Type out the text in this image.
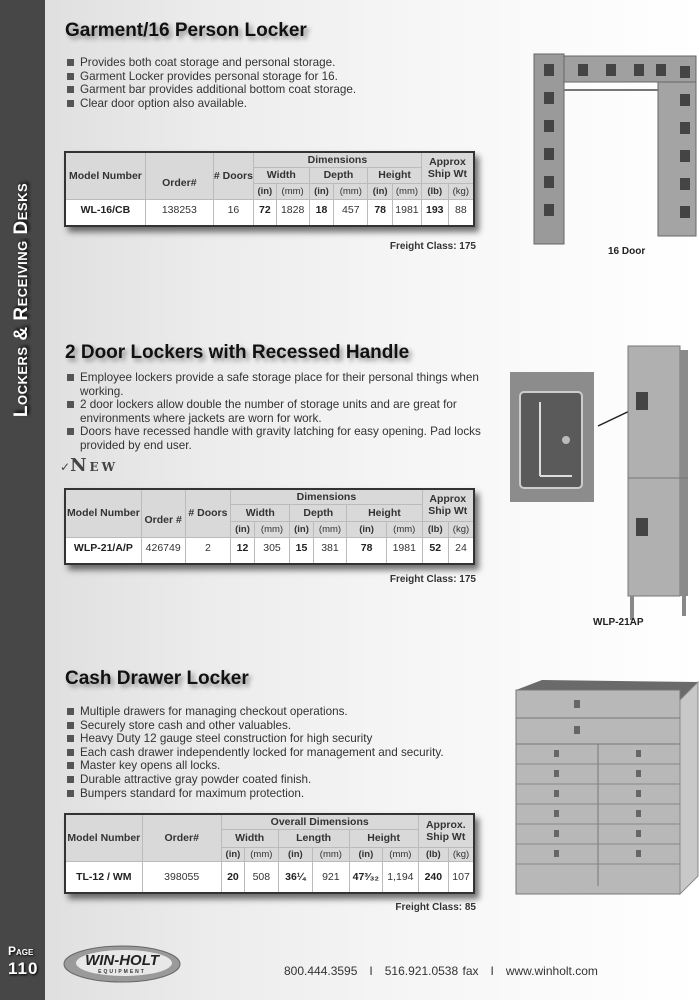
Lockers & Receiving Desks
Page
110
Garment/16 Person Locker
Provides both coat storage and personal storage.
Garment Locker provides personal storage for 16.
Garment bar provides additional bottom coat storage.
Clear door option also available.
Model Number	Order#	# Doors	Dimensions						Approx Ship Wt	
			Width		Depth		Height			
			(in)	(mm)	(in)	(mm)	(in)	(mm)	(lb)	(kg)
WL-16/CB	138253	16	72	1828	18	457	78	1981	193	88
Freight Class: 175	16 Door
2 Door Lockers with Recessed Handle
Employee lockers provide a safe storage place for their personal things when working.
2 door lockers allow double the number of storage units and are great for environments where jackets are worn for work.
Doors have recessed handle with gravity latching for easy opening. Pad locks provided by end user.
✓NEW
Model Number	Order #	# Doors	Dimensions						Approx Ship Wt	
			Width		Depth		Height			
			(in)	(mm)	(in)	(mm)	(in)	(mm)	(lb)	(kg)
WLP-21/A/P	426749	2	12	305	15	381	78	1981	52	24
Freight Class: 175
WLP-21AP
Cash Drawer Locker
Multiple drawers for managing checkout operations.
Securely store cash and other valuables.
Heavy Duty 12 gauge steel construction for high security
Each cash drawer independently locked for management and security.
Master key opens all locks.
Durable attractive gray powder coated finish.
Bumpers standard for maximum protection.
Model Number	Order#	Overall Dimensions						Approx. Ship Wt	
		Width		Length		Height			
		(in)	(mm)	(in)	(mm)	(in)	(mm)	(lb)	(kg)
TL-12 / WM	398055	20	508	36¼	921	47³⁄₃₂	1,194	240	107
Freight Class: 85
WIN-HOLT
EQUIPMENT	800.444.3595 I 516.921.0538 fax I www.winholt.com
